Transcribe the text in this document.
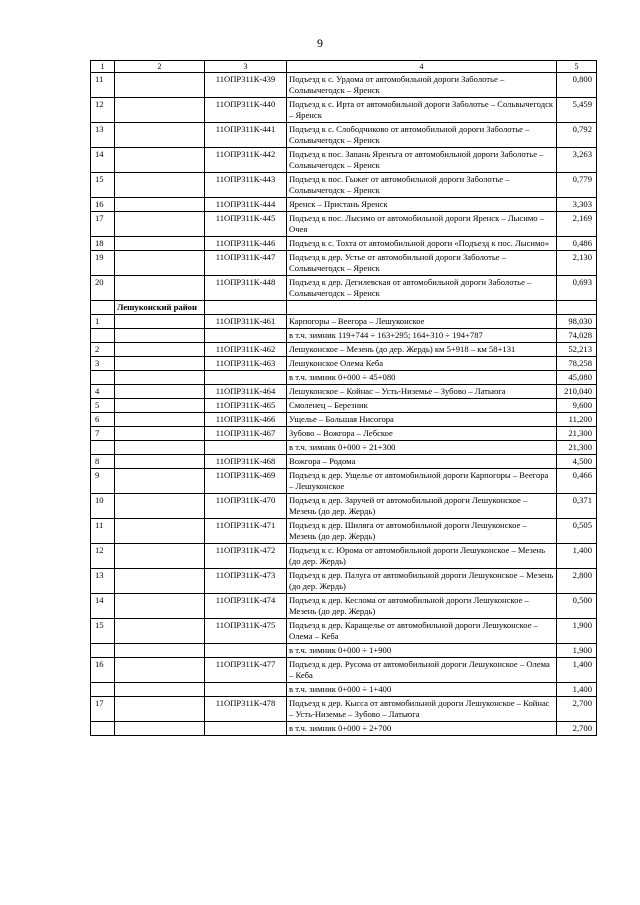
9
1	2	3	4	5
11		11ОПР311К-439	Подъезд к с. Урдома от автомобильной дороги Заболотье – Сольвычегодск – Яренск	0,800
12		11ОПР311К-440	Подъезд к с. Ирта от автомобильной дороги Заболотье – Сольвычегодск – Яренск	5,459
13		11ОПР311К-441	Подъезд к с. Слободчиково от автомобильной дороги Заболотье – Сольвычегодск – Яренск	0,792
14		11ОПР311К-442	Подъезд к пос. Запань Яренъга от автомобильной дороги Заболотье – Сольвычегодск – Яренск	3,263
15		11ОПР311К-443	Подъезд к пос. Гыжег от автомобильной дороги Заболотье – Сольвычегодск – Яренск	0,779
16		11ОПР311К-444	Яренск – Пристань Яренск	3,303
17		11ОПР311К-445	Подъезд к пос. Лысимо от автомобильной дороги Яренск – Лысимо – Очея	2,169
18		11ОПР311К-446	Подъезд к с. Тохта от автомобильной дороги «Подъезд к пос. Лысимо»	0,486
19		11ОПР311К-447	Подъезд к дер. Устье от автомобильной дороги Заболотье – Сольвычегодск – Яренск	2,130
20		11ОПР311К-448	Подъезд к дер. Дегилевская от автомобильной дороги Заболотье – Сольвычегодск – Яренск	0,693
	Лешуконский район			
1		11ОПР311К-461	Карпогоры – Веегора – Лешуконское	98,030
			в т.ч. зимник 119+744 ÷ 163+295; 164+310 ÷ 194+787	74,028
2		11ОПР311К-462	Лешуконское – Мезень (до дер. Жердь) км 5+918 – км 58+131	52,213
3		11ОПР311К-463	Лешуконское Олема Кеба	78,258
			в т.ч. зимник 0+000 ÷ 45+080	45,080
4		11ОПР311К-464	Лешуконское – Койнас – Усть-Низемье – Зубово – Латьюга	210,040
5		11ОПР311К-465	Смоленец – Березник	9,600
6		11ОПР311К-466	Ущелье – Большая Нисогора	11,200
7		11ОПР311К-467	Зубово – Вожгора – Лебское	21,300
			в т.ч. зимник 0+000 ÷ 21+300	21,300
8		11ОПР311К-468	Вожгора – Родома	4,500
9		11ОПР311К-469	Подъезд к дер. Ущелье от автомобильной дороги Карпогоры – Веегора – Лешуконское	0,466
10		11ОПР311К-470	Подъезд к дер. Заручей от автомобильной дороги Лешуконское – Мезень (до дер. Жердь)	0,371
11		11ОПР311К-471	Подъезд к дер. Шиляга от автомобильной дороги Лешуконское – Мезень (до дер. Жердь)	0,505
12		11ОПР311К-472	Подъезд к с. Юрома от автомобильной дороги Лешуконское – Мезень (до дер. Жердь)	1,400
13		11ОПР311К-473	Подъезд к дер. Палуга от автомобильной дороги Лешуконское – Мезень (до дер. Жердь)	2,800
14		11ОПР311К-474	Подъезд к дер. Кеслома от автомобильной дороги Лешуконское – Мезень (до дер. Жердь)	0,500
15		11ОПР311К-475	Подъезд к дер. Каращелье от автомобильной дороги Лешуконское – Олема – Кеба	1,900
			в т.ч. зимник 0+000 ÷ 1+900	1,900
16		11ОПР311К-477	Подъезд к дер. Русома от автомобильной дороги Лешуконское – Олема – Кеба	1,400
			в т.ч. зимник 0+000 ÷ 1+400	1,400
17		11ОПР311К-478	Подъезд к дер. Кысса от автомобильной дороги Лешуконское – Койнас – Усть-Низемье – Зубово – Латьюга	2,700
			в т.ч. зимник 0+000 ÷ 2+700	2,700
